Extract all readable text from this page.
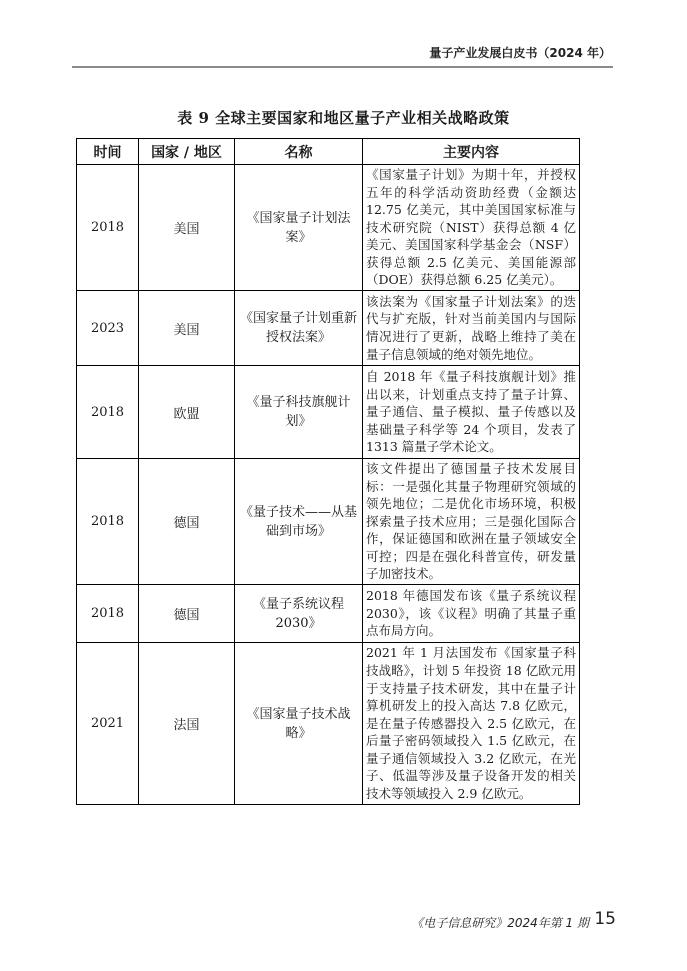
量子产业发展白皮书（2024 年）
表 9 全球主要国家和地区量子产业相关战略政策
时间	国家 / 地区	名称	主要内容
2018	美国	《国家量子计划法案》	《国家量子计划》为期十年，并授权五年的科学活动资助经费（金额达 12.75 亿美元，其中美国国家标准与技术研究院（NIST）获得总额 4 亿美元、美国国家科学基金会（NSF）获得总额 2.5 亿美元、美国能源部（DOE）获得总额 6.25 亿美元）。
2023	美国	《国家量子计划重新授权法案》	该法案为《国家量子计划法案》的迭代与扩充版，针对当前美国内与国际情况进行了更新，战略上维持了美在量子信息领域的绝对领先地位。
2018	欧盟	《量子科技旗舰计划》	自 2018 年《量子科技旗舰计划》推出以来，计划重点支持了量子计算、量子通信、量子模拟、量子传感以及基础量子科学等 24 个项目，发表了 1313 篇量子学术论文。
2018	德国	《量子技术——从基础到市场》	该文件提出了德国量子技术发展目标：一是强化其量子物理研究领域的领先地位；二是优化市场环境，积极探索量子技术应用；三是强化国际合作，保证德国和欧洲在量子领域安全可控；四是在强化科普宣传，研发量子加密技术。
2018	德国	《量子系统议程 2030》	2018 年德国发布该《量子系统议程 2030》，该《议程》明确了其量子重点布局方向。
2021	法国	《国家量子技术战略》	2021 年 1 月法国发布《国家量子科技战略》，计划 5 年投资 18 亿欧元用于支持量子技术研发，其中在量子计算机研发上的投入高达 7.8 亿欧元，是在量子传感器投入 2.5 亿欧元，在后量子密码领域投入 1.5 亿欧元，在量子通信领域投入 3.2 亿欧元，在光子、低温等涉及量子设备开发的相关技术等领域投入 2.9 亿欧元。
《电子信息研究》2024年第 1 期 15
